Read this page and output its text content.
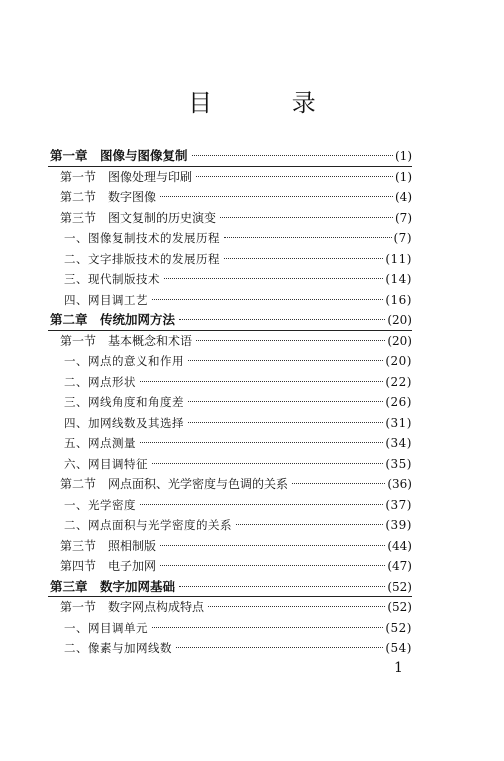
目 录
第一章　图像与图像复制	(1)
第一节　图像处理与印刷	(1)
第二节　数字图像	(4)
第三节　图文复制的历史演变	(7)
一、图像复制技术的发展历程	(7)
二、文字排版技术的发展历程	(11)
三、现代制版技术	(14)
四、网目调工艺	(16)
第二章　传统加网方法	(20)
第一节　基本概念和术语	(20)
一、网点的意义和作用	(20)
二、网点形状	(22)
三、网线角度和角度差	(26)
四、加网线数及其选择	(31)
五、网点测量	(34)
六、网目调特征	(35)
第二节　网点面积、光学密度与色调的关系	(36)
一、光学密度	(37)
二、网点面积与光学密度的关系	(39)
第三节　照相制版	(44)
第四节　电子加网	(47)
第三章　数字加网基础	(52)
第一节　数字网点构成特点	(52)
一、网目调单元	(52)
二、像素与加网线数	(54)
1
